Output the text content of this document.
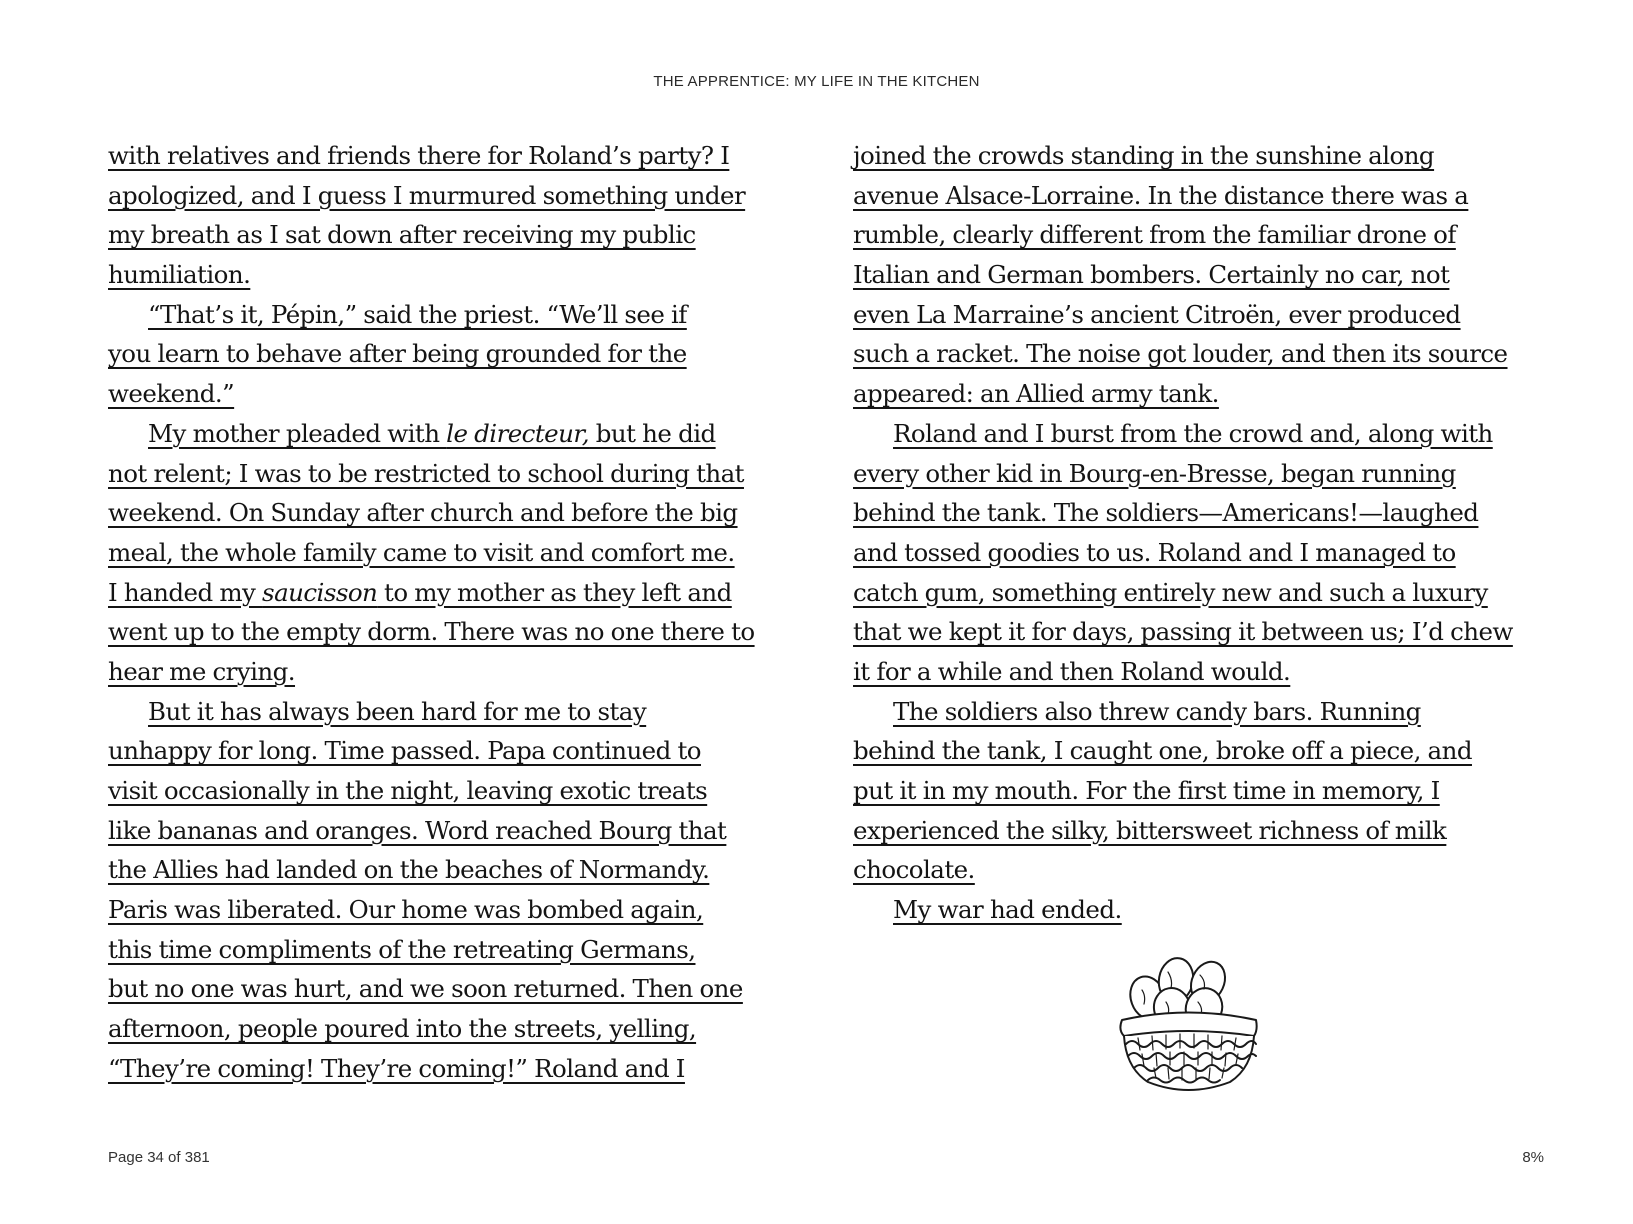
THE APPRENTICE: MY LIFE IN THE KITCHEN
with relatives and friends there for Roland’s party? I
apologized, and I guess I murmured something under
my breath as I sat down after receiving my public
humiliation.
“That’s it, Pépin,” said the priest. “We’ll see if
you learn to behave after being grounded for the
weekend.”
My mother pleaded with le directeur, but he did
not relent; I was to be restricted to school during that
weekend. On Sunday after church and before the big
meal, the whole family came to visit and comfort me.
I handed my saucisson to my mother as they left and
went up to the empty dorm. There was no one there to
hear me crying.
But it has always been hard for me to stay
unhappy for long. Time passed. Papa continued to
visit occasionally in the night, leaving exotic treats
like bananas and oranges. Word reached Bourg that
the Allies had landed on the beaches of Normandy.
Paris was liberated. Our home was bombed again,
this time compliments of the retreating Germans,
but no one was hurt, and we soon returned. Then one
afternoon, people poured into the streets, yelling,
“They’re coming! They’re coming!” Roland and I
joined the crowds standing in the sunshine along
avenue Alsace-Lorraine. In the distance there was a
rumble, clearly different from the familiar drone of
Italian and German bombers. Certainly no car, not
even La Marraine’s ancient Citroën, ever produced
such a racket. The noise got louder, and then its source
appeared: an Allied army tank.
Roland and I burst from the crowd and, along with
every other kid in Bourg-en-Bresse, began running
behind the tank. The soldiers—Americans!—laughed
and tossed goodies to us. Roland and I managed to
catch gum, something entirely new and such a luxury
that we kept it for days, passing it between us; I’d chew
it for a while and then Roland would.
The soldiers also threw candy bars. Running
behind the tank, I caught one, broke off a piece, and
put it in my mouth. For the first time in memory, I
experienced the silky, bittersweet richness of milk
chocolate.
My war had ended.
Page 34 of 381	8%
